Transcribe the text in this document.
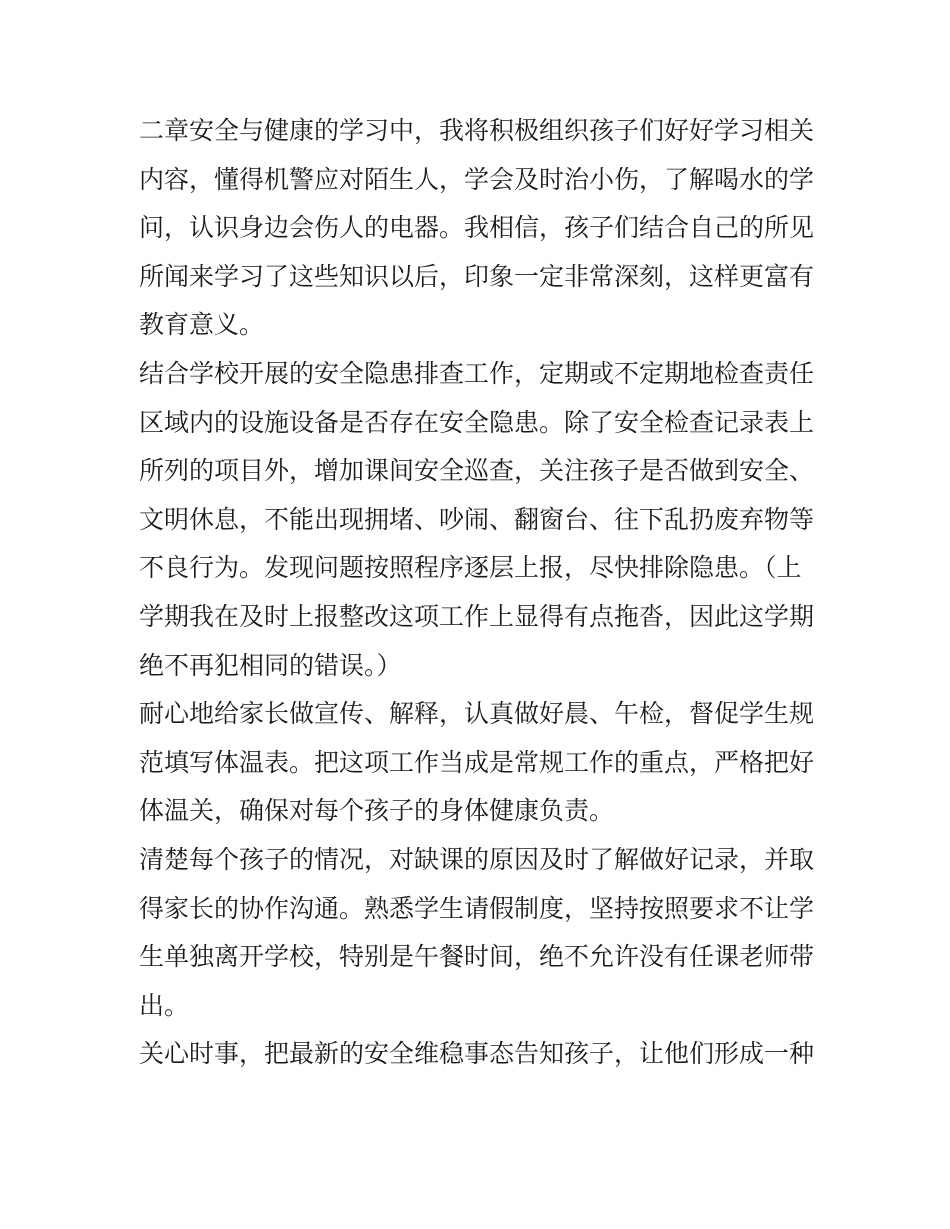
二章安全与健康的学习中，我将积极组织孩子们好好学习相关
内容，懂得机警应对陌生人，学会及时治小伤，了解喝水的学
问，认识身边会伤人的电器。我相信，孩子们结合自己的所见
所闻来学习了这些知识以后，印象一定非常深刻，这样更富有
教育意义。
结合学校开展的安全隐患排查工作，定期或不定期地检查责任
区域内的设施设备是否存在安全隐患。除了安全检查记录表上
所列的项目外，增加课间安全巡查，关注孩子是否做到安全、
文明休息，不能出现拥堵、吵闹、翻窗台、往下乱扔废弃物等
不良行为。发现问题按照程序逐层上报，尽快排除隐患。（上
学期我在及时上报整改这项工作上显得有点拖沓，因此这学期
绝不再犯相同的错误。）
耐心地给家长做宣传、解释，认真做好晨、午检，督促学生规
范填写体温表。把这项工作当成是常规工作的重点，严格把好
体温关，确保对每个孩子的身体健康负责。
清楚每个孩子的情况，对缺课的原因及时了解做好记录，并取
得家长的协作沟通。熟悉学生请假制度，坚持按照要求不让学
生单独离开学校，特别是午餐时间，绝不允许没有任课老师带
出。
关心时事，把最新的安全维稳事态告知孩子，让他们形成一种
